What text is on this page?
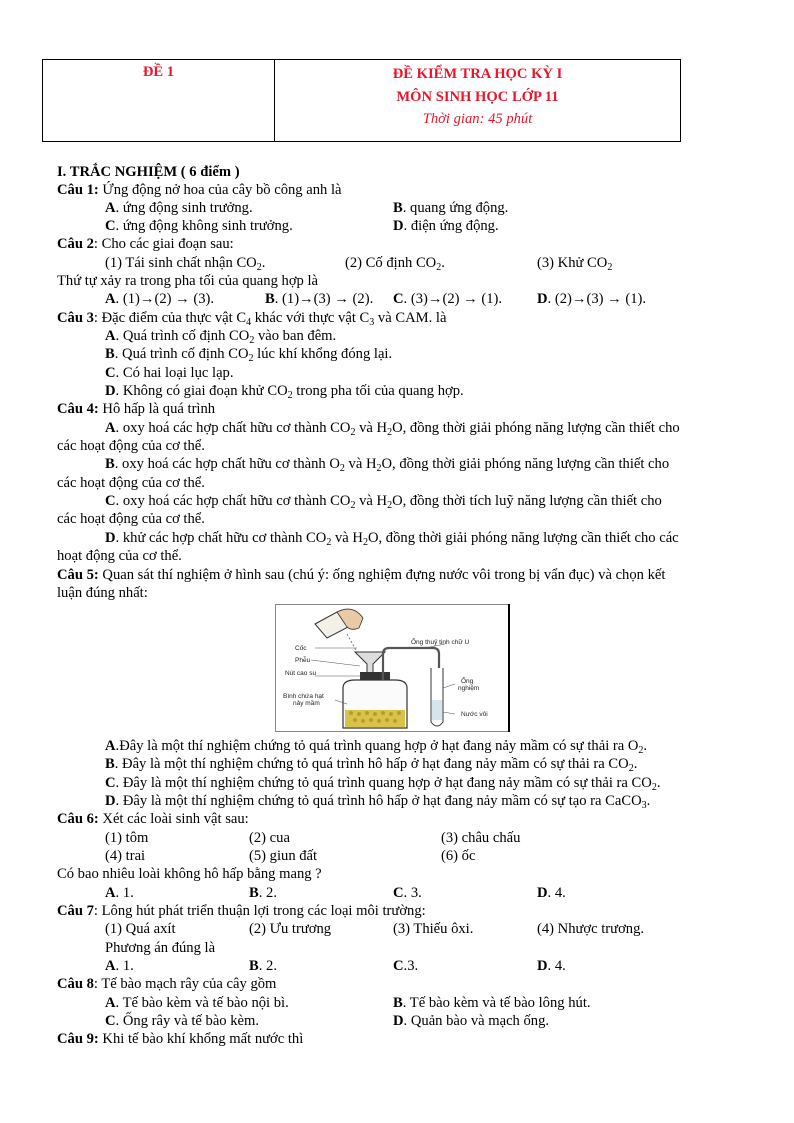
ĐỀ 1	ĐỀ KIỂM TRA HỌC KỲ I
MÔN SINH HỌC LỚP 11
Thời gian: 45 phút
I. TRẮC NGHIỆM ( 6 điểm )
Câu 1: Ứng động nở hoa của cây bồ công anh là
A. ứng động sinh trưởng.	B. quang ứng động.
C. ứng động không sinh trưởng.	D. điện ứng động.
Câu 2: Cho các giai đoạn sau:
(1) Tái sinh chất nhận $CO_2$.	(2) Cố định $CO_2$.	(3) Khử $CO_2$
Thứ tự xảy ra trong pha tối của quang hợp là
A. (1)→(2) → (3).	B. (1)→(3) → (2). C. (3)→(2) → (1). D. (2)→(3) → (1).
Câu 3: Đặc điểm của thực vật $C_4$ khác với thực vật $C_3$ và CAM. là
A. Quá trình cố định $CO_2$ vào ban đêm.
B. Quá trình cố định $CO_2$ lúc khí khổng đóng lại.
C. Có hai loại lục lạp.
D. Không có giai đoạn khử $CO_2$ trong pha tối của quang hợp.
Câu 4: Hô hấp là quá trình
A. oxy hoá các hợp chất hữu cơ thành $CO_2$ và $H_2O$, đồng thời giải phóng năng lượng cần thiết cho
các hoạt động của cơ thể.
B. oxy hoá các hợp chất hữu cơ thành $O_2$ và $H_2O$, đồng thời giải phóng năng lượng cần thiết cho
các hoạt động của cơ thể.
C. oxy hoá các hợp chất hữu cơ thành $CO_2$ và $H_2O$, đồng thời tích luỹ năng lượng cần thiết cho
các hoạt động của cơ thể.
D. khử các hợp chất hữu cơ thành $CO_2$ và $H_2O$, đồng thời giải phóng năng lượng cần thiết cho các
hoạt động của cơ thể.
Câu 5: Quan sát thí nghiệm ở hình sau (chú ý: ống nghiệm đựng nước vôi trong bị vẩn đục) và chọn kết
luận đúng nhất:
Cốc
Ống thuỷ tinh chữ U
Phễu
Nút cao su
Bình chứa hạt
nảy mầm
Ống
nghiệm
Nước vôi
A.Đây là một thí nghiệm chứng tỏ quá trình quang hợp ở hạt đang nảy mầm có sự thải ra $O_2$.
B. Đây là một thí nghiệm chứng tỏ quá trình hô hấp ở hạt đang nảy mầm có sự thải ra $CO_2$.
C. Đây là một thí nghiệm chứng tỏ quá trình quang hợp ở hạt đang nảy mầm có sự thải ra $CO_2$.
D. Đây là một thí nghiệm chứng tỏ quá trình hô hấp ở hạt đang nảy mầm có sự tạo ra CaCO$_3$.
Câu 6: Xét các loài sinh vật sau:
(1) tôm	(2) cua	(3) châu chấu
(4) trai	(5) giun đất	(6) ốc
Có bao nhiêu loài không hô hấp bằng mang ?
A. 1.	B. 2.	C. 3.	D. 4.
Câu 7: Lông hút phát triển thuận lợi trong các loại môi trường:
(1) Quá axít	(2) Ưu trương	(3) Thiếu ôxi.	(4) Nhược trương.
Phương án đúng là
A. 1.	B. 2.	C.3.	D. 4.
Câu 8: Tế bào mạch rây của cây gồm
A. Tế bào kèm và tế bào nội bì.	B. Tế bào kèm và tế bào lông hút.
C. Ống rây và tế bào kèm.	D. Quản bào và mạch ống.
Câu 9: Khi tế bào khí khổng mất nước thì
